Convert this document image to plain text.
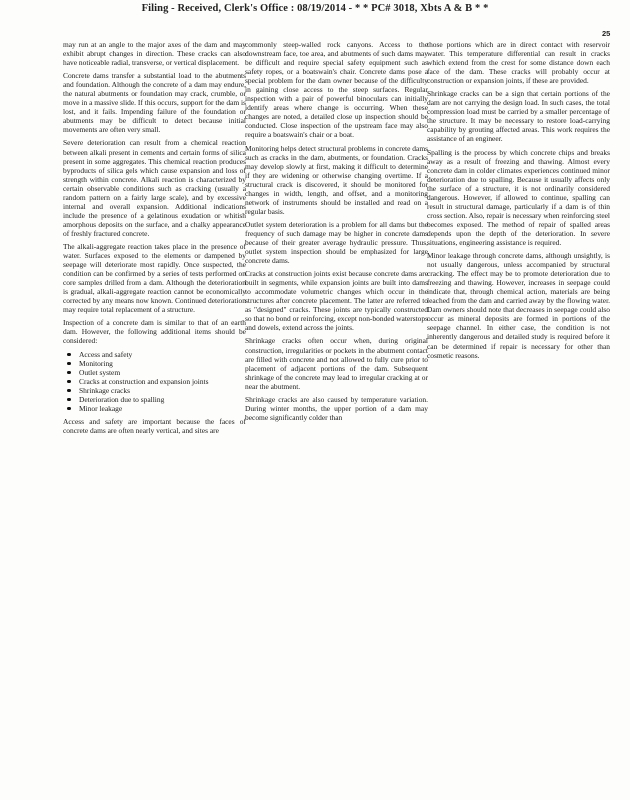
Filing - Received, Clerk's Office : 08/19/2014 - * * PC# 3018, Xbts A & B * *
25

may run at an angle to the major axes of the dam and may exhibit abrupt changes in direction. These cracks can also have noticeable radial, transverse, or vertical displacement.

Concrete dams transfer a substantial load to the abutments and foundation. Although the concrete of a dam may endure, the natural abutments or foundation may crack, crumble, or move in a massive slide. If this occurs, support for the dam is lost, and it fails. Impending failure of the foundation or abutments may be difficult to detect because initial movements are often very small.

Severe deterioration can result from a chemical reaction between alkali present in cements and certain forms of silica present in some aggregates. This chemical reaction produces byproducts of silica gels which cause expansion and loss of strength within concrete. Alkali reaction is characterized by certain observable conditions such as cracking (usually a random pattern on a fairly large scale), and by excessive internal and overall expansion. Additional indications include the presence of a gelatinous exudation or whitish amorphous deposits on the surface, and a chalky appearance of freshly fractured concrete.

The alkali-aggregate reaction takes place in the presence of water. Surfaces exposed to the elements or dampened by seepage will deteriorate most rapidly. Once suspected, the condition can be confirmed by a series of tests performed on core samples drilled from a dam. Although the deterioration is gradual, alkali-aggregate reaction cannot be economically corrected by any means now known. Continued deterioration may require total replacement of a structure.

Inspection of a concrete dam is similar to that of an earth dam. However, the following additional items should be considered:

Access and safety
Monitoring
Outlet system
Cracks at construction and expansion joints
Shrinkage cracks
Deterioration due to spalling
Minor leakage

Access and safety are important because the faces of concrete dams are often nearly vertical, and sites are

commonly steep-walled rock canyons. Access to the downstream face, toe area, and abutments of such dams may be difficult and require special safety equipment such as safety ropes, or a boatswain's chair. Concrete dams pose a special problem for the dam owner because of the difficulty in gaining close access to the steep surfaces. Regular inspection with a pair of powerful binoculars can initially identify areas where change is occurring. When these changes are noted, a detailed close up inspection should be conducted. Close inspection of the upstream face may also require a boatswain's chair or a boat.

Monitoring helps detect structural problems in concrete dams such as cracks in the dam, abutments, or foundation. Cracks may develop slowly at first, making it difficult to determine if they are widening or otherwise changing overtime. If a structural crack is discovered, it should be monitored for changes in width, length, and offset, and a monitoring network of instruments should be installed and read on a regular basis.

Outlet system deterioration is a problem for all dams but the frequency of such damage may be higher in concrete dams because of their greater average hydraulic pressure. Thus, outlet system inspection should be emphasized for large concrete dams.

Cracks at construction joints exist because concrete dams are built in segments, while expansion joints are built into dams to accommodate volumetric changes which occur in the structures after concrete placement. The latter are referred to as "designed" cracks. These joints are typically constructed so that no bond or reinforcing, except non-bonded waterstops and dowels, extend across the joints.

Shrinkage cracks often occur when, during original construction, irregularities or pockets in the abutment contact are filled with concrete and not allowed to fully cure prior to placement of adjacent portions of the dam. Subsequent shrinkage of the concrete may lead to irregular cracking at or near the abutment.

Shrinkage cracks are also caused by temperature variation. During winter months, the upper portion of a dam may become significantly colder than

those portions which are in direct contact with reservoir water. This temperature differential can result in cracks which extend from the crest for some distance down each face of the dam. These cracks will probably occur at construction or expansion joints, if these are provided.

Shrinkage cracks can be a sign that certain portions of the dam are not carrying the design load. In such cases, the total compression load must be carried by a smaller percentage of the structure. It may be necessary to restore load-carrying capability by grouting affected areas. This work requires the assistance of an engineer.

Spalling is the process by which concrete chips and breaks away as a result of freezing and thawing. Almost every concrete dam in colder climates experiences continued minor deterioration due to spalling. Because it usually affects only the surface of a structure, it is not ordinarily considered dangerous. However, if allowed to continue, spalling can result in structural damage, particularly if a dam is of thin cross section. Also, repair is necessary when reinforcing steel becomes exposed. The method of repair of spalled areas depends upon the depth of the deterioration. In severe situations, engineering assistance is required.

Minor leakage through concrete dams, although unsightly, is not usually dangerous, unless accompanied by structural cracking. The effect may be to promote deterioration due to freezing and thawing. However, increases in seepage could indicate that, through chemical action, materials are being leached from the dam and carried away by the flowing water. Dam owners should note that decreases in seepage could also occur as mineral deposits are formed in portions of the seepage channel. In either case, the condition is not inherently dangerous and detailed study is required before it can be determined if repair is necessary for other than cosmetic reasons.
